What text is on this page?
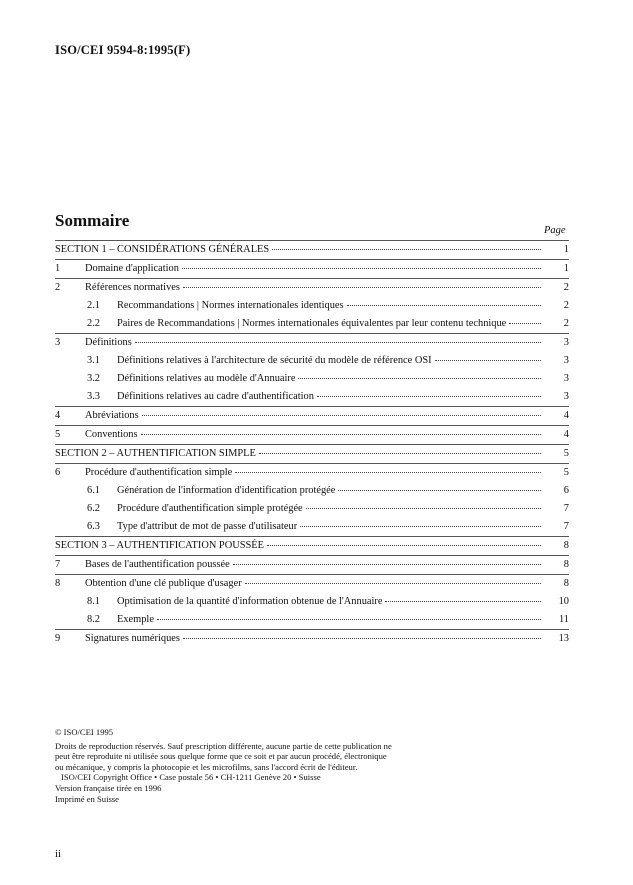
ISO/CEI 9594-8:1995(F)
Sommaire
Page
SECTION 1 – CONSIDÉRATIONS GÉNÉRALES	1
1	Domaine d'application	1
2	Références normatives	2
2.1	Recommandations | Normes internationales identiques	2
2.2	Paires de Recommandations | Normes internationales équivalentes par leur contenu technique	2
3	Définitions	3
3.1	Définitions relatives à l'architecture de sécurité du modèle de référence OSI	3
3.2	Définitions relatives au modèle d'Annuaire	3
3.3	Définitions relatives au cadre d'authentification	3
4	Abréviations	4
5	Conventions	4
SECTION 2 – AUTHENTIFICATION SIMPLE	5
6	Procédure d'authentification simple	5
6.1	Génération de l'information d'identification protégée	6
6.2	Procédure d'authentification simple protégée	7
6.3	Type d'attribut de mot de passe d'utilisateur	7
SECTION 3 – AUTHENTIFICATION POUSSÉE	8
7	Bases de l'authentification poussée	8
8	Obtention d'une clé publique d'usager	8
8.1	Optimisation de la quantité d'information obtenue de l'Annuaire	10
8.2	Exemple	11
9	Signatures numériques	13
© ISO/CEI 1995
Droits de reproduction réservés. Sauf prescription différente, aucune partie de cette publication ne
peut être reproduite ni utilisée sous quelque forme que ce soit et par aucun procédé, électronique
ou mécanique, y compris la photocopie et les microfilms, sans l'accord écrit de l'éditeur.
ISO/CEI Copyright Office • Case postale 56 • CH-1211 Genève 20 • Suisse
Version française tirée en 1996
Imprimé en Suisse
ii
